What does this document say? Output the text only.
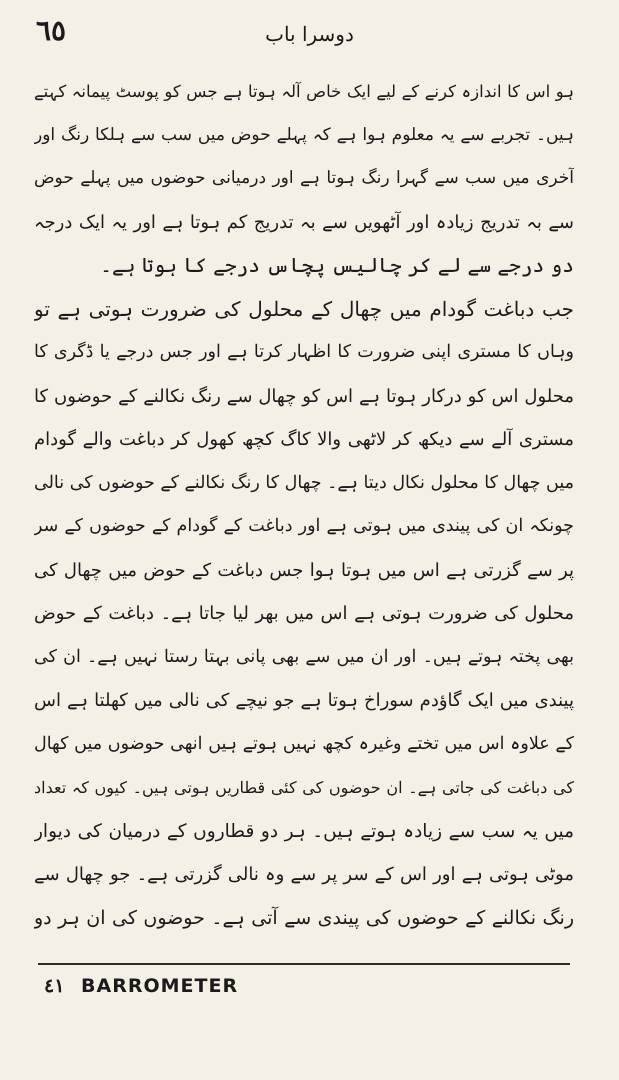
٦٥	دوسرا باب
ہو اس کا اندازہ کرنے کے لیے ایک خاص آلہ ہوتا ہے جس کو پوسٹ پیمانہ کہتے
ہیں۔ تجربے سے یہ معلوم ہوا ہے کہ پہلے حوض میں سب سے ہلکا رنگ اور
آخری میں سب سے گہرا رنگ ہوتا ہے اور درمیانی حوضوں میں پہلے حوض
سے بہ تدریج زیادہ اور آٹھویں سے بہ تدریج کم ہوتا ہے اور یہ ایک درجہ
دو درجے سے لے کر چالیس پچاس درجے کا ہوتا ہے۔
جب دباغت گودام میں چھال کے محلول کی ضرورت ہوتی ہے تو
وہاں کا مستری اپنی ضرورت کا اظہار کرتا ہے اور جس درجے یا ڈگری کا
محلول اس کو درکار ہوتا ہے اس کو چھال سے رنگ نکالنے کے حوضوں کا
مستری آلے سے دیکھ کر لاٹھی والا کاگ کچھ کھول کر دباغت والے گودام
میں چھال کا محلول نکال دیتا ہے۔ چھال کا رنگ نکالنے کے حوضوں کی نالی
چونکہ ان کی پیندی میں ہوتی ہے اور دباغت کے گودام کے حوضوں کے سر
پر سے گزرتی ہے اس میں ہوتا ہوا جس دباغت کے حوض میں چھال کی
محلول کی ضرورت ہوتی ہے اس میں بھر لیا جاتا ہے۔ دباغت کے حوض
بھی پختہ ہوتے ہیں۔ اور ان میں سے بھی پانی بہتا رستا نہیں ہے۔ ان کی
پیندی میں ایک گاؤدم سوراخ ہوتا ہے جو نیچے کی نالی میں کھلتا ہے اس
کے علاوہ اس میں تختے وغیرہ کچھ نہیں ہوتے ہیں انھی حوضوں میں کھال
کی دباغت کی جاتی ہے۔ ان حوضوں کی کئی قطاریں ہوتی ہیں۔ کیوں کہ تعداد
میں یہ سب سے زیادہ ہوتے ہیں۔ ہر دو قطاروں کے درمیان کی دیوار
موٹی ہوتی ہے اور اس کے سر پر سے وہ نالی گزرتی ہے۔ جو چھال سے
رنگ نکالنے کے حوضوں کی پیندی سے آتی ہے۔ حوضوں کی ان ہر دو
٤١ BARROMETER
